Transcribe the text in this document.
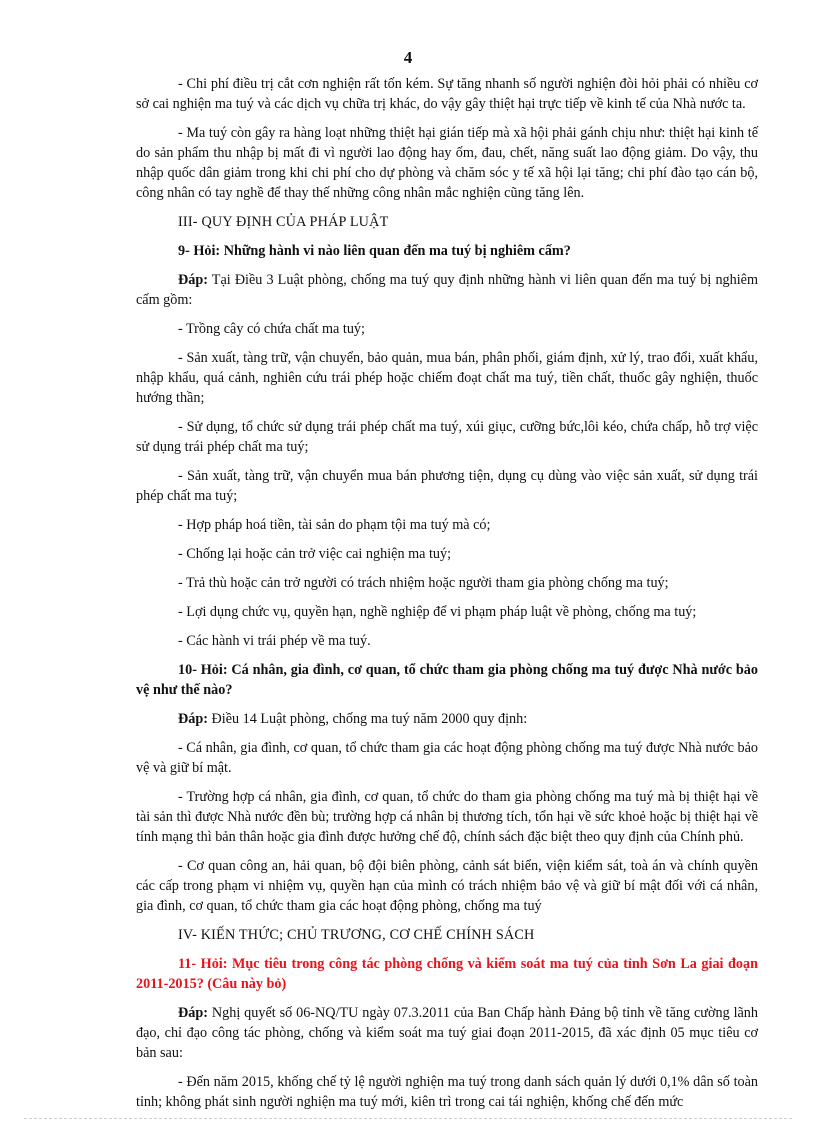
4

- Chi phí điều trị cắt cơn nghiện rất tốn kém. Sự tăng nhanh số người nghiện đòi hỏi phải có nhiều cơ sở cai nghiện ma tuý và các dịch vụ chữa trị khác, do vậy gây thiệt hại trực tiếp về kinh tế của Nhà nước ta.

- Ma tuý còn gây ra hàng loạt những thiệt hại gián tiếp mà xã hội phải gánh chịu như: thiệt hại kinh tế do sản phẩm thu nhập bị mất đi vì người lao động hay ốm, đau, chết, năng suất lao động giảm. Do vậy, thu nhập quốc dân giảm trong khi chi phí cho dự phòng và chăm sóc y tế xã hội lại tăng; chi phí đào tạo cán bộ, công nhân có tay nghề để thay thế những công nhân mắc nghiện cũng tăng lên.

III- QUY ĐỊNH CỦA PHÁP LUẬT

9- Hỏi: Những hành vi nào liên quan đến ma tuý bị nghiêm cấm?

Đáp: Tại Điều 3 Luật phòng, chống ma tuý quy định những hành vi liên quan đến ma tuý bị nghiêm cấm gồm:

- Trồng cây có chứa chất ma tuý;

- Sản xuất, tàng trữ, vận chuyển, bảo quản, mua bán, phân phối, giám định, xử lý, trao đổi, xuất khẩu, nhập khẩu, quá cảnh, nghiên cứu trái phép hoặc chiếm đoạt chất ma tuý, tiền chất, thuốc gây nghiện, thuốc hướng thần;

- Sử dụng, tổ chức sử dụng trái phép chất ma tuý, xúi giục, cưỡng bức,lôi kéo, chứa chấp, hỗ trợ việc sử dụng trái phép chất ma tuý;

- Sản xuất, tàng trữ, vận chuyển mua bán phương tiện, dụng cụ dùng vào việc sản xuất, sử dụng trái phép chất ma tuý;

- Hợp pháp hoá tiền, tài sản do phạm tội ma tuý mà có;

- Chống lại hoặc cản trở việc cai nghiện ma tuý;

- Trả thù hoặc cản trở người có trách nhiệm hoặc người tham gia phòng chống ma tuý;

- Lợi dụng chức vụ, quyền hạn, nghề nghiệp để vi phạm pháp luật về phòng, chống ma tuý;

- Các hành vi trái phép về ma tuý.

10- Hỏi: Cá nhân, gia đình, cơ quan, tổ chức tham gia phòng chống ma tuý được Nhà nước bảo vệ như thế nào?

Đáp: Điều 14 Luật phòng, chống ma tuý năm 2000 quy định:

- Cá nhân, gia đình, cơ quan, tổ chức tham gia các hoạt động phòng chống ma tuý được Nhà nước bảo vệ và giữ bí mật.

- Trường hợp cá nhân, gia đình, cơ quan, tổ chức do tham gia phòng chống ma tuý mà bị thiệt hại về tài sản thì được Nhà nước đền bù; trường hợp cá nhân bị thương tích, tổn hại về sức khoẻ hoặc bị thiệt hại về tính mạng thì bản thân hoặc gia đình được hưởng chế độ, chính sách đặc biệt theo quy định của Chính phủ.

- Cơ quan công an, hải quan, bộ đội biên phòng, cảnh sát biển, viện kiểm sát, toà án và chính quyền các cấp trong phạm vi nhiệm vụ, quyền hạn của mình có trách nhiệm bảo vệ và giữ bí mật đối với cá nhân, gia đình, cơ quan, tổ chức tham gia các hoạt động phòng, chống ma tuý

IV- KIẾN THỨC; CHỦ TRƯƠNG, CƠ CHẾ CHÍNH SÁCH

11- Hỏi: Mục tiêu trong công tác phòng chống và kiểm soát ma tuý của tỉnh Sơn La giai đoạn 2011-2015? (Câu này bỏ)

Đáp: Nghị quyết số 06-NQ/TU ngày 07.3.2011 của Ban Chấp hành Đảng bộ tỉnh về tăng cường lãnh đạo, chỉ đạo công tác phòng, chống và kiểm soát ma tuý giai đoạn 2011-2015, đã xác định 05 mục tiêu cơ bản sau:

- Đến năm 2015, khống chế tỷ lệ người nghiện ma tuý trong danh sách quản lý dưới 0,1% dân số toàn tỉnh; không phát sinh người nghiện ma tuý mới, kiên trì trong cai tái nghiện, khống chế đến mức
